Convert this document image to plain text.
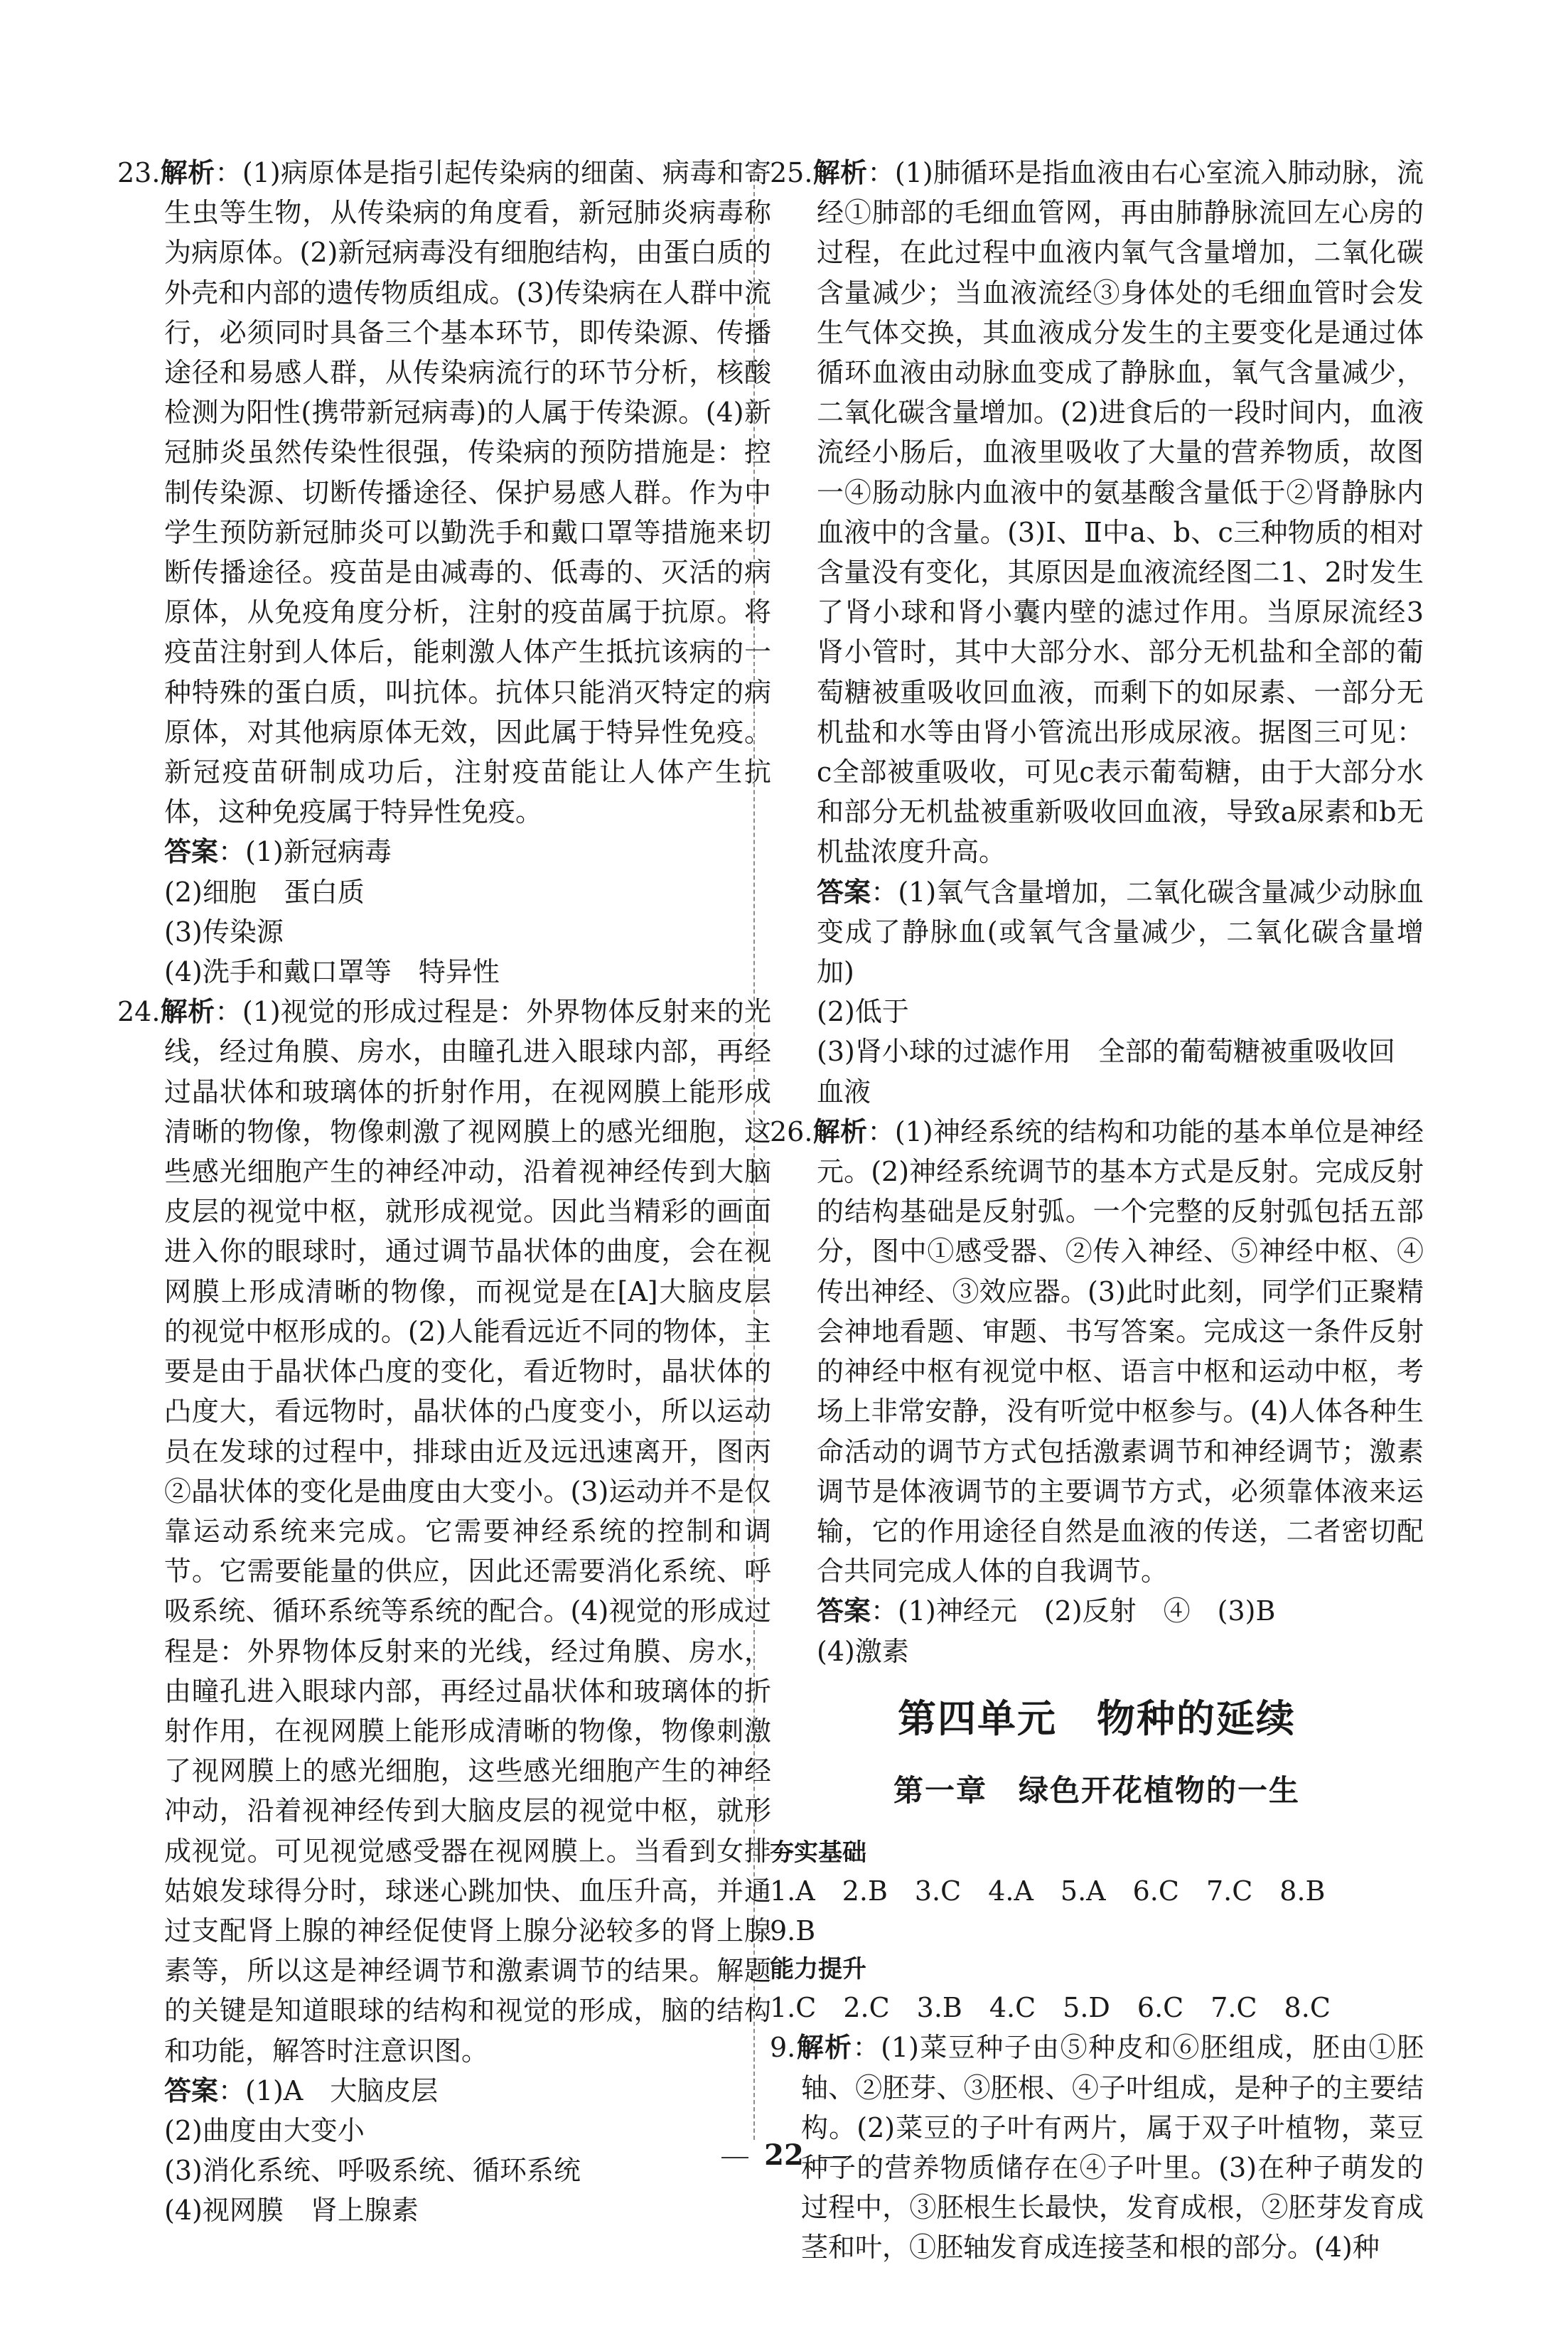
23.解析：(1)病原体是指引起传染病的细菌、病毒和寄生虫等生物，从传染病的角度看，新冠肺炎病毒称为病原体。(2)新冠病毒没有细胞结构，由蛋白质的外壳和内部的遗传物质组成。(3)传染病在人群中流行，必须同时具备三个基本环节，即传染源、传播途径和易感人群，从传染病流行的环节分析，核酸检测为阳性(携带新冠病毒)的人属于传染源。(4)新冠肺炎虽然传染性很强，传染病的预防措施是：控制传染源、切断传播途径、保护易感人群。作为中学生预防新冠肺炎可以勤洗手和戴口罩等措施来切断传播途径。疫苗是由减毒的、低毒的、灭活的病原体，从免疫角度分析，注射的疫苗属于抗原。将疫苗注射到人体后，能刺激人体产生抵抗该病的一种特殊的蛋白质，叫抗体。抗体只能消灭特定的病原体，对其他病原体无效，因此属于特异性免疫。新冠疫苗研制成功后，注射疫苗能让人体产生抗体，这种免疫属于特异性免疫。

答案：(1)新冠病毒

(2)细胞　蛋白质

(3)传染源

(4)洗手和戴口罩等　特异性

24.解析：(1)视觉的形成过程是：外界物体反射来的光线，经过角膜、房水，由瞳孔进入眼球内部，再经过晶状体和玻璃体的折射作用，在视网膜上能形成清晰的物像，物像刺激了视网膜上的感光细胞，这些感光细胞产生的神经冲动，沿着视神经传到大脑皮层的视觉中枢，就形成视觉。因此当精彩的画面进入你的眼球时，通过调节晶状体的曲度，会在视网膜上形成清晰的物像，而视觉是在[A]大脑皮层的视觉中枢形成的。(2)人能看远近不同的物体，主要是由于晶状体凸度的变化，看近物时，晶状体的凸度大，看远物时，晶状体的凸度变小，所以运动员在发球的过程中，排球由近及远迅速离开，图丙②晶状体的变化是曲度由大变小。(3)运动并不是仅靠运动系统来完成。它需要神经系统的控制和调节。它需要能量的供应，因此还需要消化系统、呼吸系统、循环系统等系统的配合。(4)视觉的形成过程是：外界物体反射来的光线，经过角膜、房水，由瞳孔进入眼球内部，再经过晶状体和玻璃体的折射作用，在视网膜上能形成清晰的物像，物像刺激了视网膜上的感光细胞，这些感光细胞产生的神经冲动，沿着视神经传到大脑皮层的视觉中枢，就形成视觉。可见视觉感受器在视网膜上。当看到女排姑娘发球得分时，球迷心跳加快、血压升高，并通过支配肾上腺的神经促使肾上腺分泌较多的肾上腺素等，所以这是神经调节和激素调节的结果。解题的关键是知道眼球的结构和视觉的形成，脑的结构和功能，解答时注意识图。

答案：(1)A　大脑皮层

(2)曲度由大变小

(3)消化系统、呼吸系统、循环系统

(4)视网膜　肾上腺素

25.解析：(1)肺循环是指血液由右心室流入肺动脉，流经①肺部的毛细血管网，再由肺静脉流回左心房的过程，在此过程中血液内氧气含量增加，二氧化碳含量减少；当血液流经③身体处的毛细血管时会发生气体交换，其血液成分发生的主要变化是通过体循环血液由动脉血变成了静脉血，氧气含量减少，二氧化碳含量增加。(2)进食后的一段时间内，血液流经小肠后，血液里吸收了大量的营养物质，故图一④肠动脉内血液中的氨基酸含量低于②肾静脉内血液中的含量。(3)Ⅰ、Ⅱ中a、b、c三种物质的相对含量没有变化，其原因是血液流经图二1、2时发生了肾小球和肾小囊内壁的滤过作用。当原尿流经3肾小管时，其中大部分水、部分无机盐和全部的葡萄糖被重吸收回血液，而剩下的如尿素、一部分无机盐和水等由肾小管流出形成尿液。据图三可见：c全部被重吸收，可见c表示葡萄糖，由于大部分水和部分无机盐被重新吸收回血液，导致a尿素和b无机盐浓度升高。

答案：(1)氧气含量增加，二氧化碳含量减少动脉血变成了静脉血(或氧气含量减少，二氧化碳含量增加)

(2)低于

(3)肾小球的过滤作用　全部的葡萄糖被重吸收回

血液

26.解析：(1)神经系统的结构和功能的基本单位是神经元。(2)神经系统调节的基本方式是反射。完成反射的结构基础是反射弧。一个完整的反射弧包括五部分，图中①感受器、②传入神经、⑤神经中枢、④传出神经、③效应器。(3)此时此刻，同学们正聚精会神地看题、审题、书写答案。完成这一条件反射的神经中枢有视觉中枢、语言中枢和运动中枢，考场上非常安静，没有听觉中枢参与。(4)人体各种生命活动的调节方式包括激素调节和神经调节；激素调节是体液调节的主要调节方式，必须靠体液来运输，它的作用途径自然是血液的传送，二者密切配合共同完成人体的自我调节。

答案：(1)神经元　(2)反射　④　(3)B

(4)激素

第四单元　物种的延续
第一章　绿色开花植物的一生

夯实基础

1.A　2.B　3.C　4.A　5.A　6.C　7.C　8.B

9.B

能力提升

1.C　2.C　3.B　4.C　5.D　6.C　7.C　8.C

9.解析：(1)菜豆种子由⑤种皮和⑥胚组成，胚由①胚轴、②胚芽、③胚根、④子叶组成，是种子的主要结构。(2)菜豆的子叶有两片，属于双子叶植物，菜豆种子的营养物质储存在④子叶里。(3)在种子萌发的过程中，③胚根生长最快，发育成根，②胚芽发育成茎和叶，①胚轴发育成连接茎和根的部分。(4)种

22
